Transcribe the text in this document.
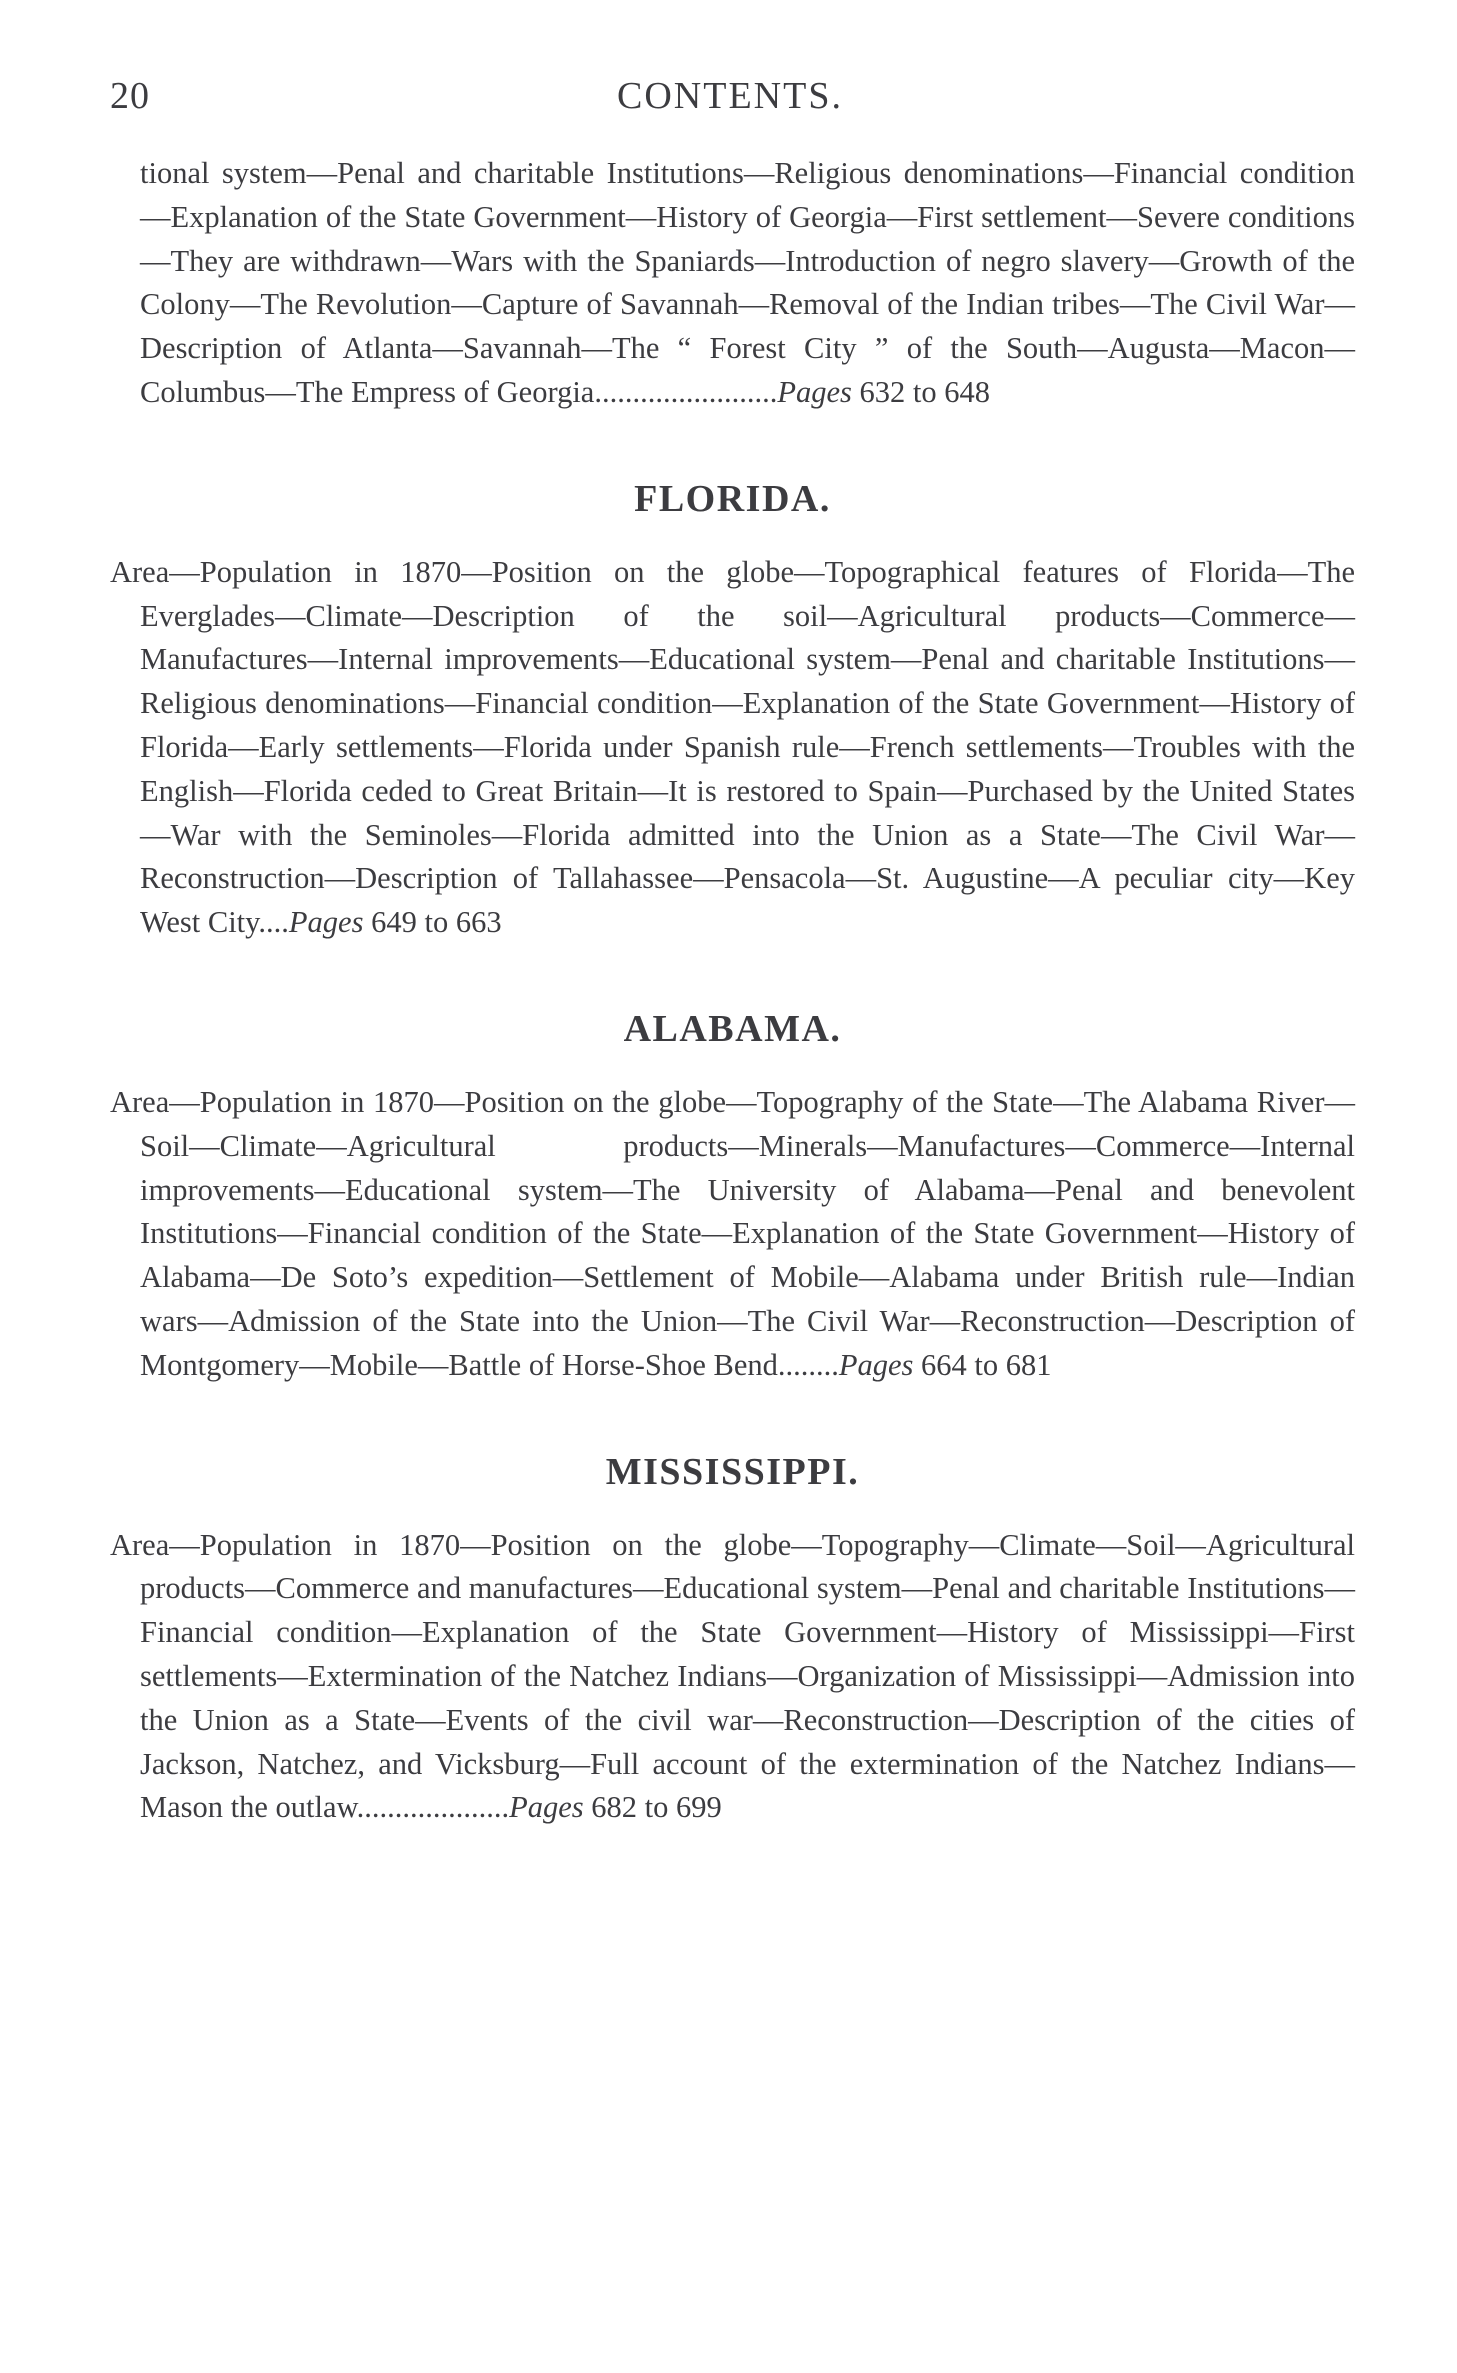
20	CONTENTS.

tional system—Penal and charitable Institutions—Religious denominations—Financial condition—Explanation of the State Government—History of Georgia—First settlement—Severe conditions—They are withdrawn—Wars with the Spaniards—Introduction of negro slavery—Growth of the Colony—The Revolution—Capture of Savannah—Removal of the Indian tribes—The Civil War—Description of Atlanta—Savannah—The “ Forest City ” of the South—Augusta—Macon—Columbus—The Empress of Georgia........................Pages 632 to 648

FLORIDA.

Area—Population in 1870—Position on the globe—Topographical features of Florida—The Everglades—Climate—Description of the soil—Agricultural products—Commerce—Manufactures—Internal improvements—Educational system—Penal and charitable Institutions—Religious denominations—Financial condition—Explanation of the State Government—History of Florida—Early settlements—Florida under Spanish rule—French settlements—Troubles with the English—Florida ceded to Great Britain—It is restored to Spain—Purchased by the United States—War with the Seminoles—Florida admitted into the Union as a State—The Civil War—Reconstruction—Description of Tallahassee—Pensacola—St. Augustine—A peculiar city—Key West City....Pages 649 to 663

ALABAMA.

Area—Population in 1870—Position on the globe—Topography of the State—The Alabama River—Soil—Climate—Agricultural products—Minerals—Manufactures—Commerce—Internal improvements—Educational system—The University of Alabama—Penal and benevolent Institutions—Financial condition of the State—Explanation of the State Government—History of Alabama—De Soto’s expedition—Settlement of Mobile—Alabama under British rule—Indian wars—Admission of the State into the Union—The Civil War—Reconstruction—Description of Montgomery—Mobile—Battle of Horse-Shoe Bend........Pages 664 to 681

MISSISSIPPI.

Area—Population in 1870—Position on the globe—Topography—Climate—Soil—Agricultural products—Commerce and manufactures—Educational system—Penal and charitable Institutions—Financial condition—Explanation of the State Government—History of Mississippi—First settlements—Extermination of the Natchez Indians—Organization of Mississippi—Admission into the Union as a State—Events of the civil war—Reconstruction—Description of the cities of Jackson, Natchez, and Vicksburg—Full account of the extermination of the Natchez Indians—Mason the outlaw....................Pages 682 to 699
